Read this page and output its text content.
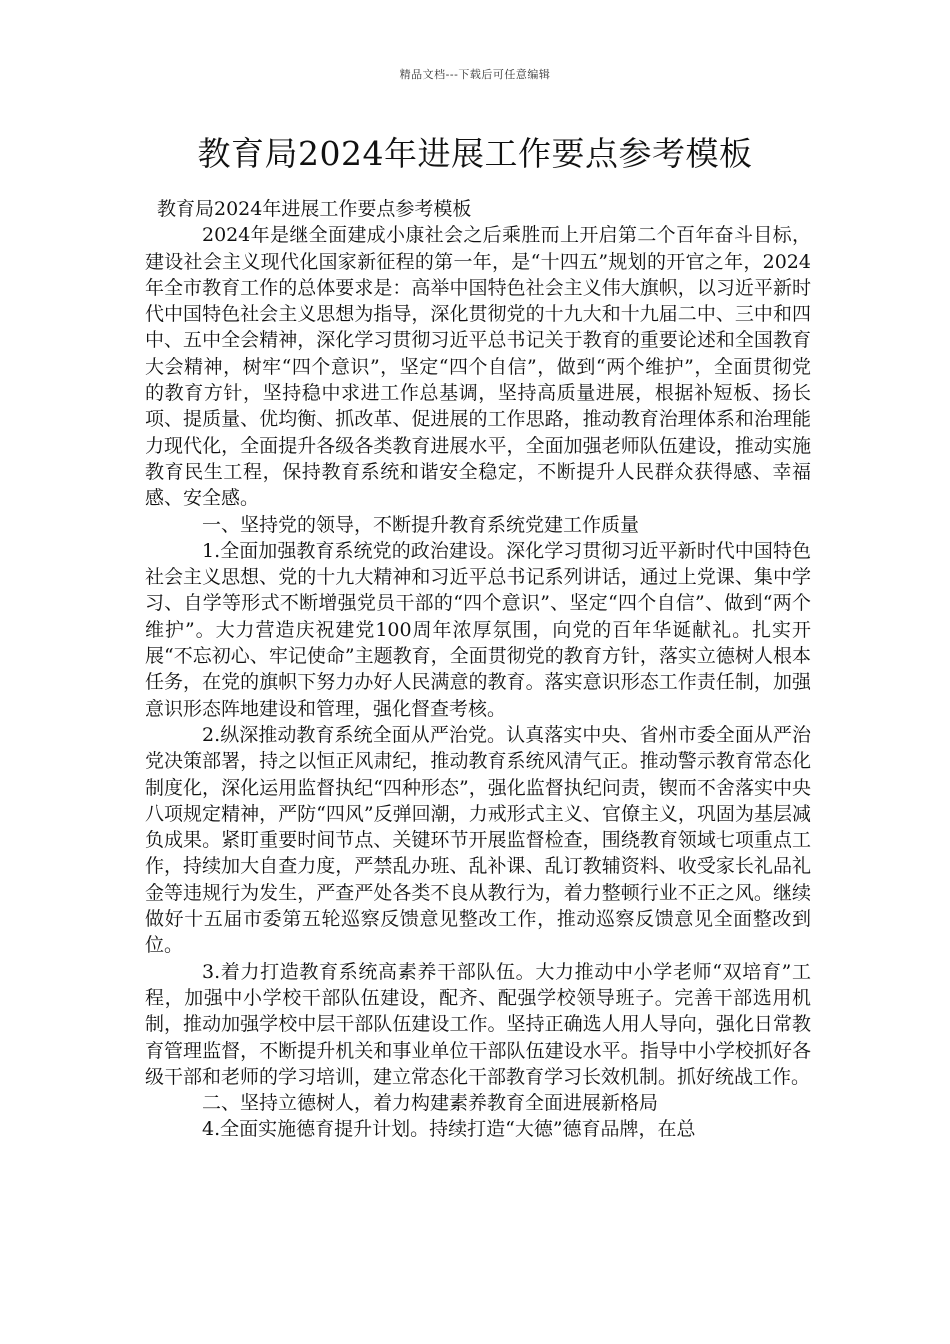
精品文档---下载后可任意编辑
教育局2024年进展工作要点参考模板

教育局2024年进展工作要点参考模板

2024年是继全面建成小康社会之后乘胜而上开启第二个百年奋斗目标，建设社会主义现代化国家新征程的第一年，是“十四五”规划的开官之年，2024年全市教育工作的总体要求是：高举中国特色社会主义伟大旗帜，以习近平新时代中国特色社会主义思想为指导，深化贯彻党的十九大和十九届二中、三中和四中、五中全会精神，深化学习贯彻习近平总书记关于教育的重要论述和全国教育大会精神，树牢“四个意识”，坚定“四个自信”，做到“两个维护”，全面贯彻党的教育方针，坚持稳中求进工作总基调，坚持高质量进展，根据补短板、扬长项、提质量、优均衡、抓改革、促进展的工作思路，推动教育治理体系和治理能力现代化，全面提升各级各类教育进展水平，全面加强老师队伍建设，推动实施教育民生工程，保持教育系统和谐安全稳定，不断提升人民群众获得感、幸福感、安全感。

一、坚持党的领导，不断提升教育系统党建工作质量

1.全面加强教育系统党的政治建设。深化学习贯彻习近平新时代中国特色社会主义思想、党的十九大精神和习近平总书记系列讲话，通过上党课、集中学习、自学等形式不断增强党员干部的“四个意识”、坚定“四个自信”、做到“两个维护”。大力营造庆祝建党100周年浓厚氛围，向党的百年华诞献礼。扎实开展“不忘初心、牢记使命”主题教育，全面贯彻党的教育方针，落实立德树人根本任务，在党的旗帜下努力办好人民满意的教育。落实意识形态工作责任制，加强意识形态阵地建设和管理，强化督查考核。

2.纵深推动教育系统全面从严治党。认真落实中央、省州市委全面从严治党决策部署，持之以恒正风肃纪，推动教育系统风清气正。推动警示教育常态化制度化，深化运用监督执纪“四种形态”，强化监督执纪问责，锲而不舍落实中央八项规定精神，严防“四风”反弹回潮，力戒形式主义、官僚主义，巩固为基层减负成果。紧盯重要时间节点、关键环节开展监督检查，围绕教育领域七项重点工作，持续加大自查力度，严禁乱办班、乱补课、乱订教辅资料、收受家长礼品礼金等违规行为发生，严查严处各类不良从教行为，着力整顿行业不正之风。继续做好十五届市委第五轮巡察反馈意见整改工作，推动巡察反馈意见全面整改到位。

3.着力打造教育系统高素养干部队伍。大力推动中小学老师“双培育”工程，加强中小学校干部队伍建设，配齐、配强学校领导班子。完善干部选用机制，推动加强学校中层干部队伍建设工作。坚持正确选人用人导向，强化日常教育管理监督，不断提升机关和事业单位干部队伍建设水平。指导中小学校抓好各级干部和老师的学习培训，建立常态化干部教育学习长效机制。抓好统战工作。

二、坚持立德树人，着力构建素养教育全面进展新格局

4.全面实施德育提升计划。持续打造“大德”德育品牌，在总
